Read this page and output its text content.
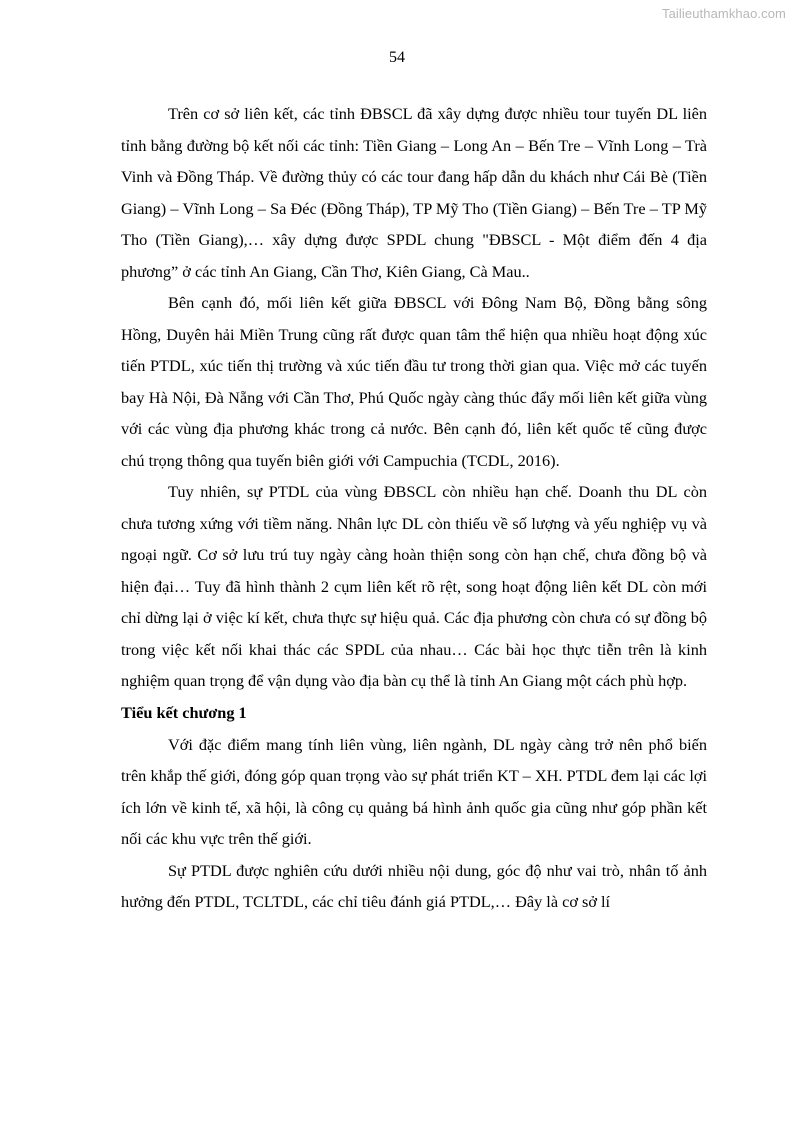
Tailieuthamkhao.com
54

Trên cơ sở liên kết, các tỉnh ĐBSCL đã xây dựng được nhiều tour tuyến DL liên tỉnh bằng đường bộ kết nối các tỉnh: Tiền Giang – Long An – Bến Tre – Vĩnh Long – Trà Vinh và Đồng Tháp. Về đường thủy có các tour đang hấp dẫn du khách như Cái Bè (Tiền Giang) – Vĩnh Long – Sa Đéc (Đồng Tháp), TP Mỹ Tho (Tiền Giang) – Bến Tre – TP Mỹ Tho (Tiền Giang),… xây dựng được SPDL chung "ĐBSCL - Một điểm đến 4 địa phương” ở các tỉnh An Giang, Cần Thơ, Kiên Giang, Cà Mau..

Bên cạnh đó, mối liên kết giữa ĐBSCL với Đông Nam Bộ, Đồng bằng sông Hồng, Duyên hải Miền Trung cũng rất được quan tâm thể hiện qua nhiều hoạt động xúc tiến PTDL, xúc tiến thị trường và xúc tiến đầu tư trong thời gian qua. Việc mở các tuyến bay Hà Nội, Đà Nẵng với Cần Thơ, Phú Quốc ngày càng thúc đẩy mối liên kết giữa vùng với các vùng địa phương khác trong cả nước. Bên cạnh đó, liên kết quốc tế cũng được chú trọng thông qua tuyến biên giới với Campuchia (TCDL, 2016).

Tuy nhiên, sự PTDL của vùng ĐBSCL còn nhiều hạn chế. Doanh thu DL còn chưa tương xứng với tiềm năng. Nhân lực DL còn thiếu về số lượng và yếu nghiệp vụ và ngoại ngữ. Cơ sở lưu trú tuy ngày càng hoàn thiện song còn hạn chế, chưa đồng bộ và hiện đại… Tuy đã hình thành 2 cụm liên kết rõ rệt, song hoạt động liên kết DL còn mới chỉ dừng lại ở việc kí kết, chưa thực sự hiệu quả. Các địa phương còn chưa có sự đồng bộ trong việc kết nối khai thác các SPDL của nhau… Các bài học thực tiễn trên là kinh nghiệm quan trọng để vận dụng vào địa bàn cụ thể là tỉnh An Giang một cách phù hợp.

Tiểu kết chương 1

Với đặc điểm mang tính liên vùng, liên ngành, DL ngày càng trở nên phổ biến trên khắp thế giới, đóng góp quan trọng vào sự phát triển KT – XH. PTDL đem lại các lợi ích lớn về kinh tế, xã hội, là công cụ quảng bá hình ảnh quốc gia cũng như góp phần kết nối các khu vực trên thế giới.

Sự PTDL được nghiên cứu dưới nhiều nội dung, góc độ như vai trò, nhân tố ảnh hưởng đến PTDL, TCLTDL, các chỉ tiêu đánh giá PTDL,… Đây là cơ sở lí
